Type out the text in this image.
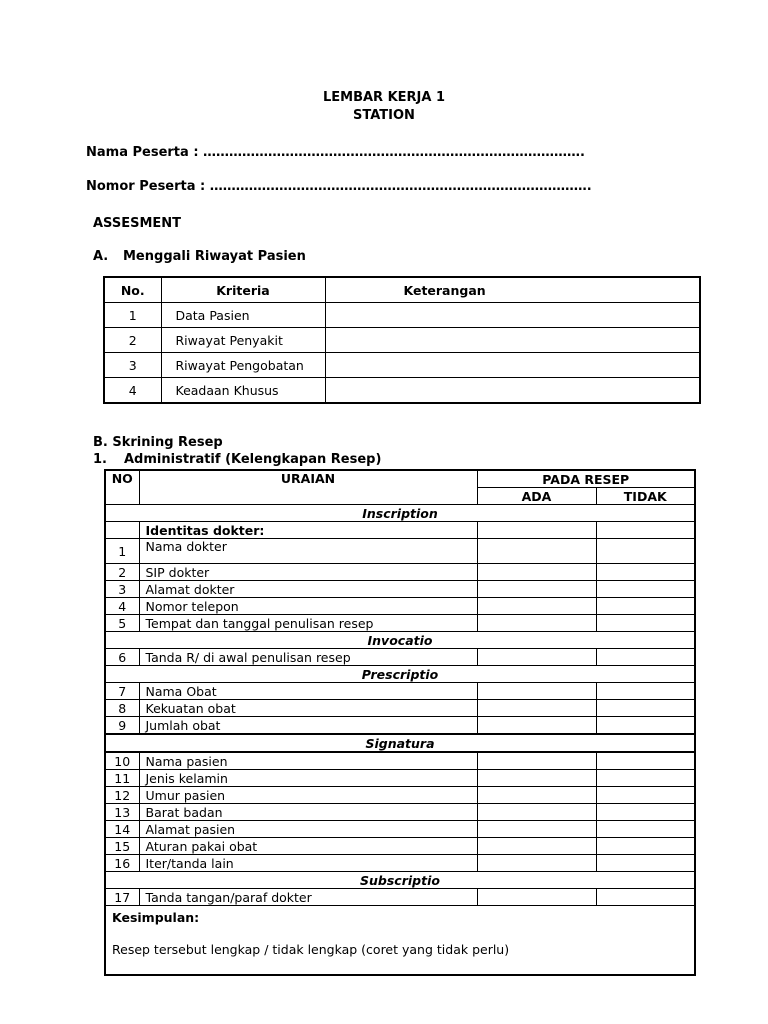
LEMBAR KERJA 1
STATION
Nama Peserta : …………………………………………………………………………….
Nomor Peserta : …………………………………………………………………………….
ASSESMENT
A. Menggali Riwayat Pasien
No.	Kriteria	Keterangan
1	Data Pasien	
2	Riwayat Penyakit	
3	Riwayat Pengobatan	
4	Keadaan Khusus	
B. Skrining Resep
1. Administratif (Kelengkapan Resep)
NO	URAIAN	PADA RESEP	
		ADA	TIDAK
Inscription			
	Identitas dokter:		
1	Nama dokter		
2	SIP dokter		
3	Alamat dokter		
4	Nomor telepon		
5	Tempat dan tanggal penulisan resep		
Invocatio			
6	Tanda R/ di awal penulisan resep		
Prescriptio			
7	Nama Obat		
8	Kekuatan obat		
9	Jumlah obat		
Signatura			
10	Nama pasien		
11	Jenis kelamin		
12	Umur pasien		
13	Barat badan		
14	Alamat pasien		
15	Aturan pakai obat		
16	Iter/tanda lain		
Subscriptio			
17	Tanda tangan/paraf dokter		

Kesimpulan:
Resep tersebut lengkap / tidak lengkap (coret yang tidak perlu)			
